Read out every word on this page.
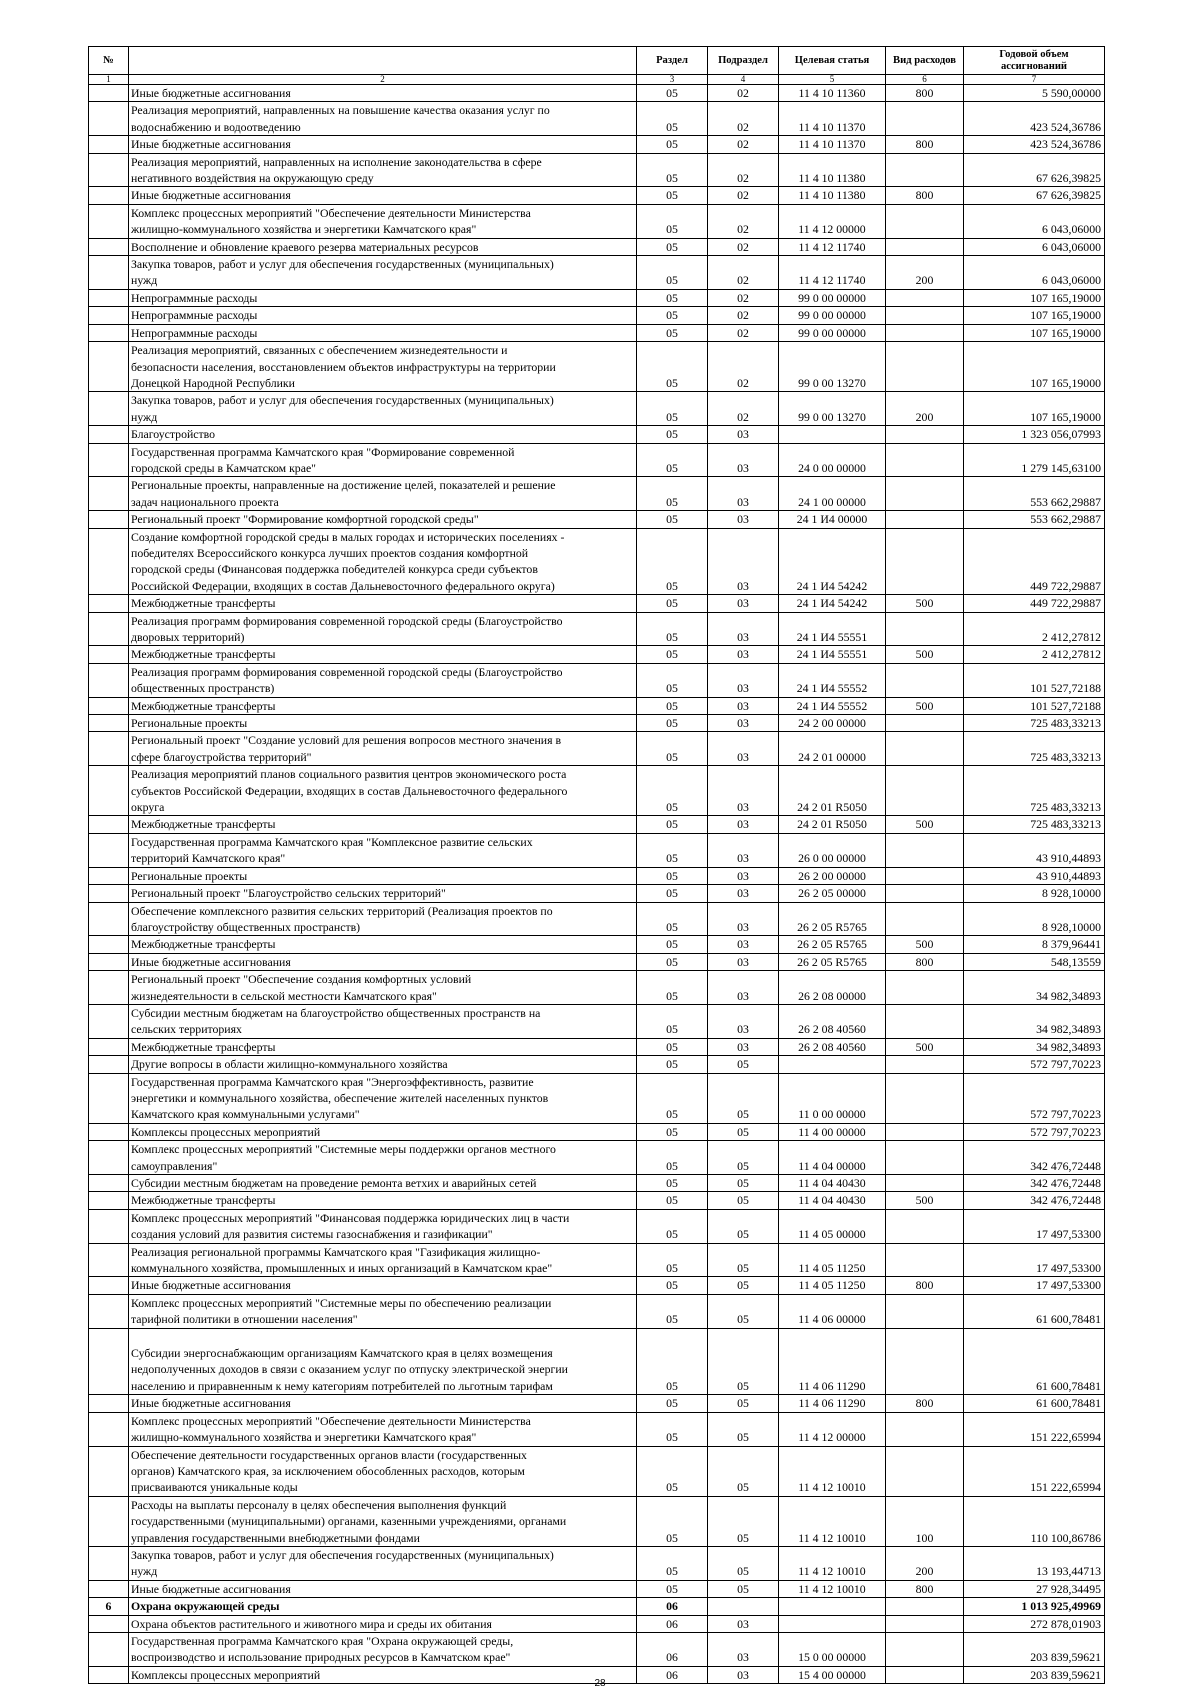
№		Раздел	Подраздел	Целевая статья	Вид расходов	Годовой объем ассигнований
1	2	3	4	5	6	7
	Иные бюджетные ассигнования	05	02	11 4 10 11360	800	5 590,00000
	Реализация мероприятий, направленных на повышение качества оказания услуг по
водоснабжению и водоотведению	05	02	11 4 10 11370		423 524,36786
	Иные бюджетные ассигнования	05	02	11 4 10 11370	800	423 524,36786
	Реализация мероприятий, направленных на исполнение законодательства в сфере
негативного воздействия на окружающую среду	05	02	11 4 10 11380		67 626,39825
	Иные бюджетные ассигнования	05	02	11 4 10 11380	800	67 626,39825
	Комплекс процессных мероприятий "Обеспечение деятельности Министерства
жилищно-коммунального хозяйства и энергетики Камчатского края"	05	02	11 4 12 00000		6 043,06000
	Восполнение и обновление краевого резерва материальных ресурсов	05	02	11 4 12 11740		6 043,06000
	Закупка товаров, работ и услуг для обеспечения государственных (муниципальных)
нужд	05	02	11 4 12 11740	200	6 043,06000
	Непрограммные расходы	05	02	99 0 00 00000		107 165,19000
	Непрограммные расходы	05	02	99 0 00 00000		107 165,19000
	Непрограммные расходы	05	02	99 0 00 00000		107 165,19000
	Реализация мероприятий, связанных с обеспечением жизнедеятельности и
безопасности населения, восстановлением объектов инфраструктуры на территории
Донецкой Народной Республики	05	02	99 0 00 13270		107 165,19000
	Закупка товаров, работ и услуг для обеспечения государственных (муниципальных)
нужд	05	02	99 0 00 13270	200	107 165,19000
	Благоустройство	05	03			1 323 056,07993
	Государственная программа Камчатского края "Формирование современной
городской среды в Камчатском крае"	05	03	24 0 00 00000		1 279 145,63100
	Региональные проекты, направленные на достижение целей, показателей и решение
задач национального проекта	05	03	24 1 00 00000		553 662,29887
	Региональный проект "Формирование комфортной городской среды"	05	03	24 1 И4 00000		553 662,29887
	Создание комфортной городской среды в малых городах и исторических поселениях -
победителях Всероссийского конкурса лучших проектов создания комфортной
городской среды (Финансовая поддержка победителей конкурса среди субъектов
Российской Федерации, входящих в состав Дальневосточного федерального округа)	05	03	24 1 И4 54242		449 722,29887
	Межбюджетные трансферты	05	03	24 1 И4 54242	500	449 722,29887
	Реализация программ формирования современной городской среды (Благоустройство
дворовых территорий)	05	03	24 1 И4 55551		2 412,27812
	Межбюджетные трансферты	05	03	24 1 И4 55551	500	2 412,27812
	Реализация программ формирования современной городской среды (Благоустройство
общественных пространств)	05	03	24 1 И4 55552		101 527,72188
	Межбюджетные трансферты	05	03	24 1 И4 55552	500	101 527,72188
	Региональные проекты	05	03	24 2 00 00000		725 483,33213
	Региональный проект "Создание условий для решения вопросов местного значения в
сфере благоустройства территорий"	05	03	24 2 01 00000		725 483,33213
	Реализация мероприятий планов социального развития центров экономического роста
субъектов Российской Федерации, входящих в состав Дальневосточного федерального
округа	05	03	24 2 01 R5050		725 483,33213
	Межбюджетные трансферты	05	03	24 2 01 R5050	500	725 483,33213
	Государственная программа Камчатского края "Комплексное развитие сельских
территорий Камчатского края"	05	03	26 0 00 00000		43 910,44893
	Региональные проекты	05	03	26 2 00 00000		43 910,44893
	Региональный проект "Благоустройство сельских территорий"	05	03	26 2 05 00000		8 928,10000
	Обеспечение комплексного развития сельских территорий (Реализация проектов по
благоустройству общественных пространств)	05	03	26 2 05 R5765		8 928,10000
	Межбюджетные трансферты	05	03	26 2 05 R5765	500	8 379,96441
	Иные бюджетные ассигнования	05	03	26 2 05 R5765	800	548,13559
	Региональный проект "Обеспечение создания комфортных условий
жизнедеятельности в сельской местности Камчатского края"	05	03	26 2 08 00000		34 982,34893
	Субсидии местным бюджетам на благоустройство общественных пространств на
сельских территориях	05	03	26 2 08 40560		34 982,34893
	Межбюджетные трансферты	05	03	26 2 08 40560	500	34 982,34893
	Другие вопросы в области жилищно-коммунального хозяйства	05	05			572 797,70223
	Государственная программа Камчатского края "Энергоэффективность, развитие
энергетики и коммунального хозяйства, обеспечение жителей населенных пунктов
Камчатского края коммунальными услугами"	05	05	11 0 00 00000		572 797,70223
	Комплексы процессных мероприятий	05	05	11 4 00 00000		572 797,70223
	Комплекс процессных мероприятий "Системные меры поддержки органов местного
самоуправления"	05	05	11 4 04 00000		342 476,72448
	Субсидии местным бюджетам на проведение ремонта ветхих и аварийных сетей	05	05	11 4 04 40430		342 476,72448
	Межбюджетные трансферты	05	05	11 4 04 40430	500	342 476,72448
	Комплекс процессных мероприятий "Финансовая поддержка юридических лиц в части
создания условий для развития системы газоснабжения и газификации"	05	05	11 4 05 00000		17 497,53300
	Реализация региональной программы Камчатского края "Газификация жилищно-
коммунального хозяйства, промышленных и иных организаций в Камчатском крае"	05	05	11 4 05 11250		17 497,53300
	Иные бюджетные ассигнования	05	05	11 4 05 11250	800	17 497,53300
	Комплекс процессных мероприятий "Системные меры по обеспечению реализации
тарифной политики в отношении населения"	05	05	11 4 06 00000		61 600,78481

Субсидии энергоснабжающим организациям Камчатского края в целях возмещения
недополученных доходов в связи с оказанием услуг по отпуску электрической энергии
населению и приравненным к нему категориям потребителей по льготным тарифам	05	05	11 4 06 11290		61 600,78481
	Иные бюджетные ассигнования	05	05	11 4 06 11290	800	61 600,78481
	Комплекс процессных мероприятий "Обеспечение деятельности Министерства
жилищно-коммунального хозяйства и энергетики Камчатского края"	05	05	11 4 12 00000		151 222,65994
	Обеспечение деятельности государственных органов власти (государственных
органов) Камчатского края, за исключением обособленных расходов, которым
присваиваются уникальные коды	05	05	11 4 12 10010		151 222,65994
	Расходы на выплаты персоналу в целях обеспечения выполнения функций
государственными (муниципальными) органами, казенными учреждениями, органами
управления государственными внебюджетными фондами	05	05	11 4 12 10010	100	110 100,86786
	Закупка товаров, работ и услуг для обеспечения государственных (муниципальных)
нужд	05	05	11 4 12 10010	200	13 193,44713
	Иные бюджетные ассигнования	05	05	11 4 12 10010	800	27 928,34495
6	Охрана окружающей среды	06				1 013 925,49969
	Охрана объектов растительного и животного мира и среды их обитания	06	03			272 878,01903
	Государственная программа Камчатского края "Охрана окружающей среды,
воспроизводство и использование природных ресурсов в Камчатском крае"	06	03	15 0 00 00000		203 839,59621
	Комплексы процессных мероприятий	06	03	15 4 00 00000		203 839,59621
28
